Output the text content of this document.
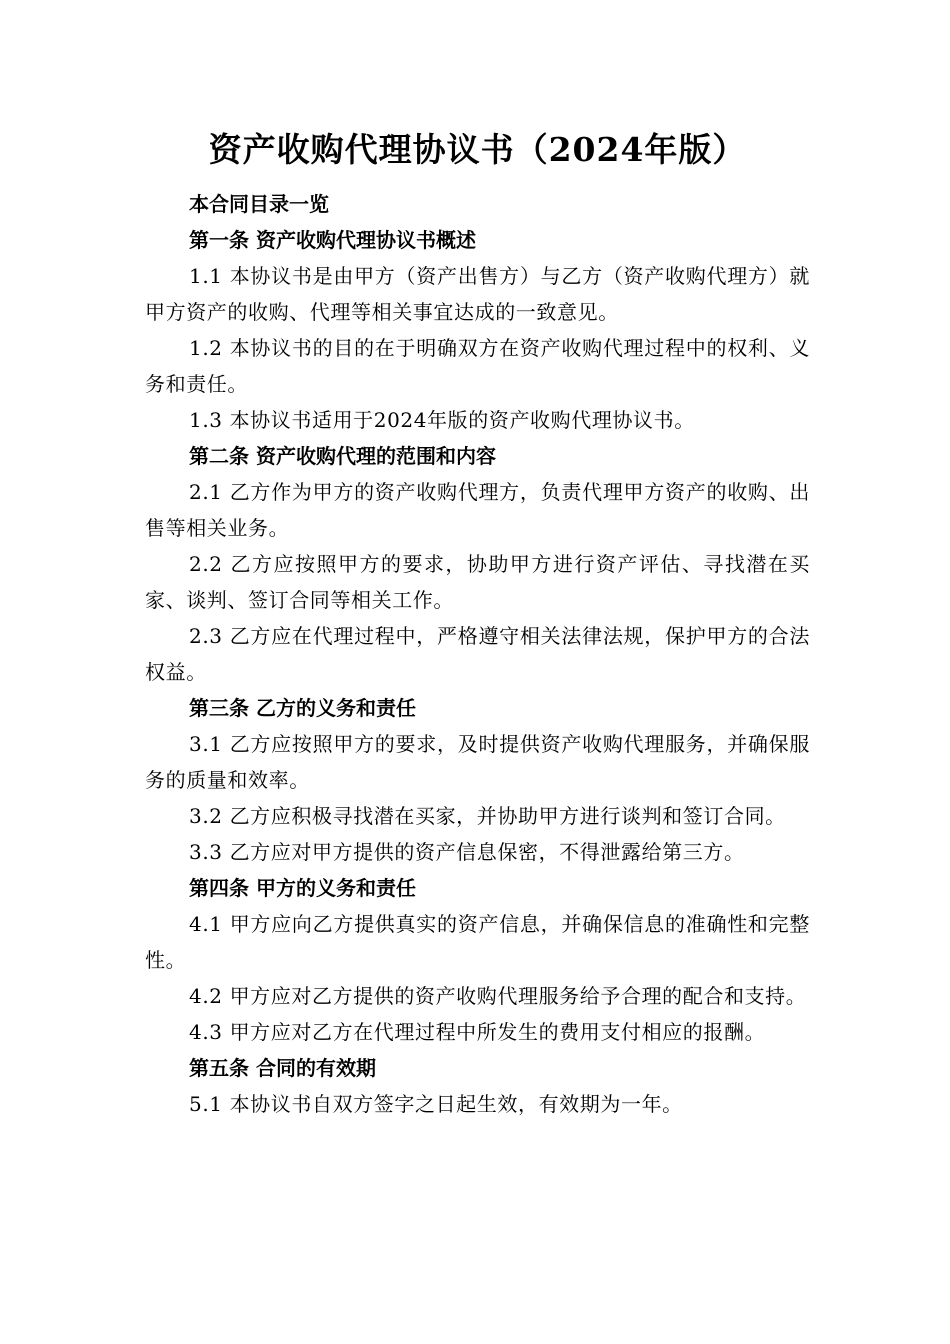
资产收购代理协议书（2024年版）

本合同目录一览

第一条 资产收购代理协议书概述

1.1 本协议书是由甲方（资产出售方）与乙方（资产收购代理方）就甲方资产的收购、代理等相关事宜达成的一致意见。

1.2 本协议书的目的在于明确双方在资产收购代理过程中的权利、义务和责任。

1.3 本协议书适用于2024年版的资产收购代理协议书。

第二条 资产收购代理的范围和内容

2.1 乙方作为甲方的资产收购代理方，负责代理甲方资产的收购、出售等相关业务。

2.2 乙方应按照甲方的要求，协助甲方进行资产评估、寻找潜在买家、谈判、签订合同等相关工作。

2.3 乙方应在代理过程中，严格遵守相关法律法规，保护甲方的合法权益。

第三条 乙方的义务和责任

3.1 乙方应按照甲方的要求，及时提供资产收购代理服务，并确保服务的质量和效率。

3.2 乙方应积极寻找潜在买家，并协助甲方进行谈判和签订合同。

3.3 乙方应对甲方提供的资产信息保密，不得泄露给第三方。

第四条 甲方的义务和责任

4.1 甲方应向乙方提供真实的资产信息，并确保信息的准确性和完整性。

4.2 甲方应对乙方提供的资产收购代理服务给予合理的配合和支持。

4.3 甲方应对乙方在代理过程中所发生的费用支付相应的报酬。

第五条 合同的有效期

5.1 本协议书自双方签字之日起生效，有效期为一年。
